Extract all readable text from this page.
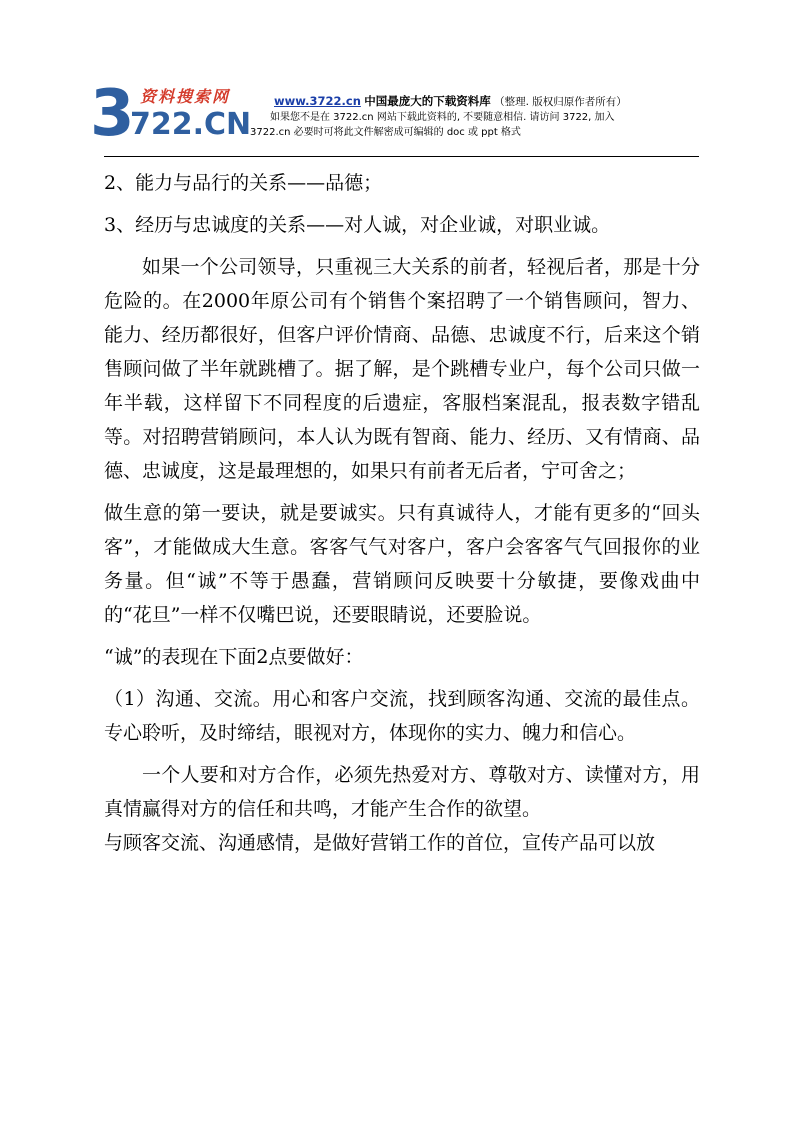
3 资料搜索网
722.CN
www.3722.cn 中国最庞大的下载资料库 （整理. 版权归原作者所有）
如果您不是在 3722.cn 网站下载此资料的, 不要随意相信. 请访问 3722, 加入
3722.cn 必要时可将此文件解密成可编辑的 doc 或 ppt 格式

2、能力与品行的关系——品德；

3、经历与忠诚度的关系——对人诚，对企业诚，对职业诚。

如果一个公司领导，只重视三大关系的前者，轻视后者，那是十分危险的。在2000年原公司有个销售个案招聘了一个销售顾问，智力、能力、经历都很好，但客户评价情商、品德、忠诚度不行，后来这个销售顾问做了半年就跳槽了。据了解，是个跳槽专业户，每个公司只做一年半载，这样留下不同程度的后遗症，客服档案混乱，报表数字错乱等。对招聘营销顾问，本人认为既有智商、能力、经历、又有情商、品德、忠诚度，这是最理想的，如果只有前者无后者，宁可舍之；

做生意的第一要诀，就是要诚实。只有真诚待人，才能有更多的“回头客”，才能做成大生意。客客气气对客户，客户会客客气气回报你的业务量。但“诚”不等于愚蠢，营销顾问反映要十分敏捷，要像戏曲中的“花旦”一样不仅嘴巴说，还要眼睛说，还要脸说。

“诚”的表现在下面2点要做好：

（1）沟通、交流。用心和客户交流，找到顾客沟通、交流的最佳点。专心聆听，及时缔结，眼视对方，体现你的实力、魄力和信心。

一个人要和对方合作，必须先热爱对方、尊敬对方、读懂对方，用真情赢得对方的信任和共鸣，才能产生合作的欲望。

与顾客交流、沟通感情，是做好营销工作的首位，宣传产品可以放
